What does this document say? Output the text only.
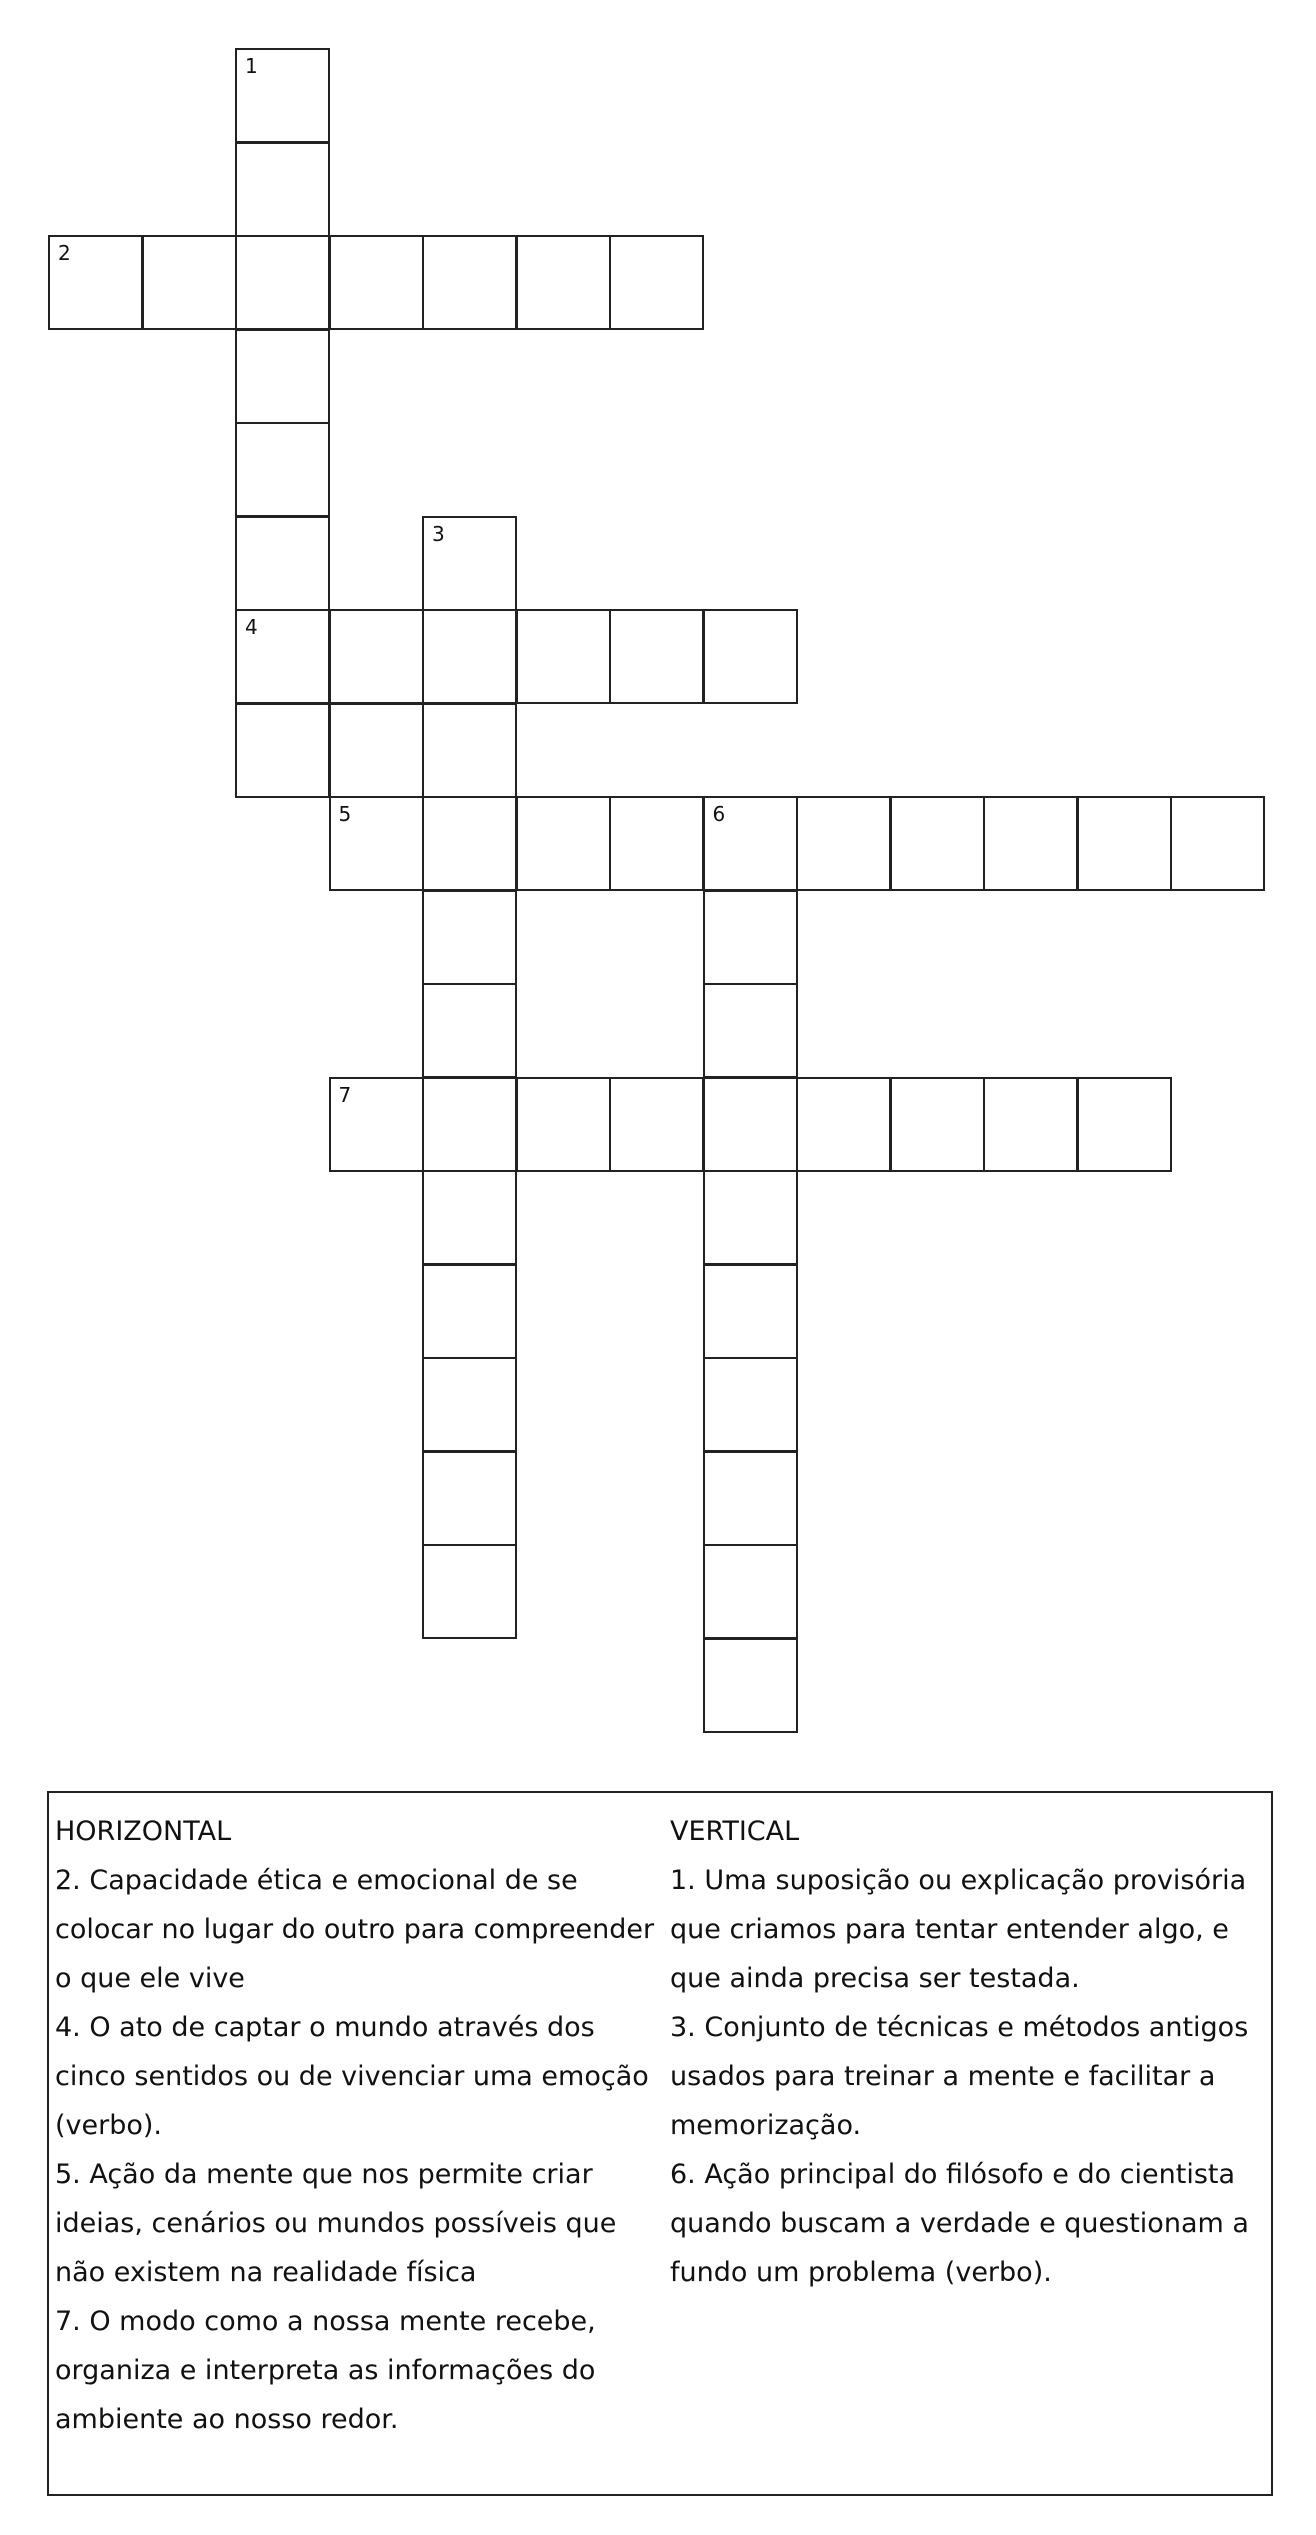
1
4
2
3
5	6
7

HORIZONTAL

2. Capacidade ética e emocional de se colocar no lugar do outro para compreender o que ele vive

4. O ato de captar o mundo através dos cinco sentidos ou de vivenciar uma emoção (verbo).

5. Ação da mente que nos permite criar ideias, cenários ou mundos possíveis que não existem na realidade física

7. O modo como a nossa mente recebe, organiza e interpreta as informações do ambiente ao nosso redor.

VERTICAL

1. Uma suposição ou explicação provisória que criamos para tentar entender algo, e que ainda precisa ser testada.

3. Conjunto de técnicas e métodos antigos usados para treinar a mente e facilitar a memorização.

6. Ação principal do filósofo e do cientista quando buscam a verdade e questionam a fundo um problema (verbo).
